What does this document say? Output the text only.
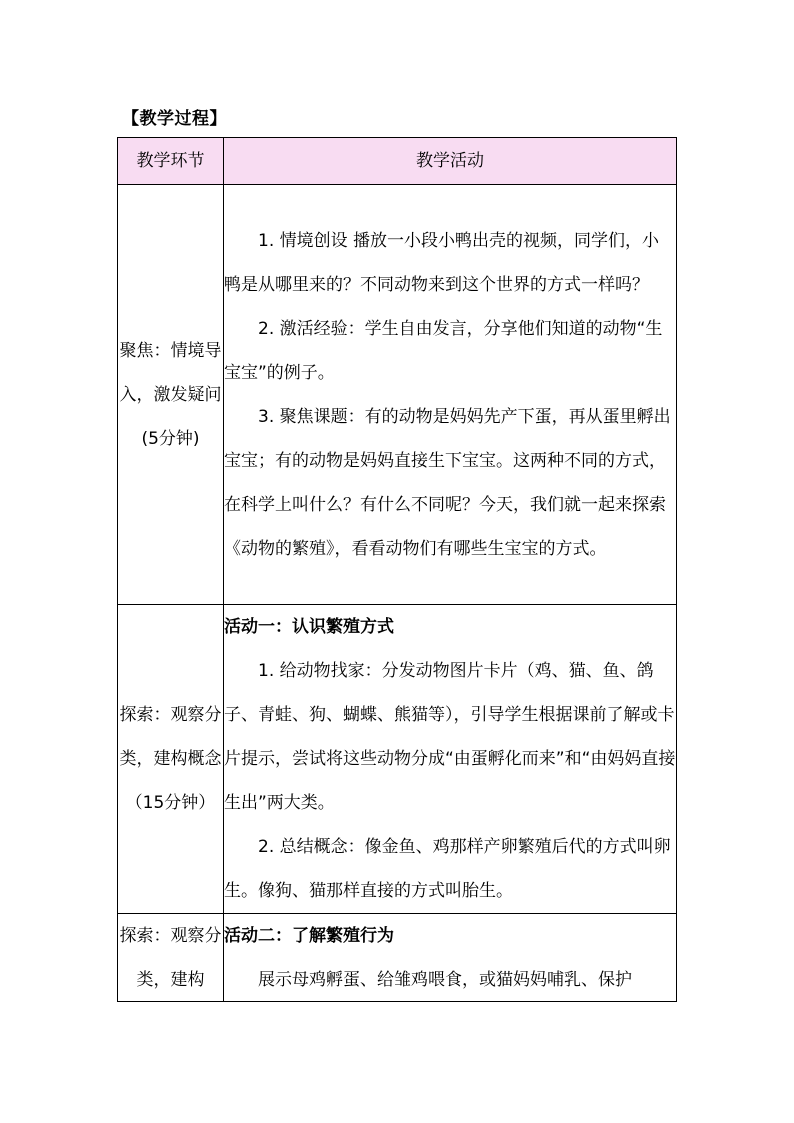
【教学过程】
教学环节	教学活动
聚焦：情境导入，激发疑问(5分钟)	1. 情境创设 播放一小段小鸭出壳的视频，同学们，小鸭是从哪里来的？不同动物来到这个世界的方式一样吗？

2. 激活经验：学生自由发言，分享他们知道的动物“生宝宝”的例子。

3. 聚焦课题：有的动物是妈妈先产下蛋，再从蛋里孵出宝宝；有的动物是妈妈直接生下宝宝。这两种不同的方式，在科学上叫什么？有什么不同呢？今天，我们就一起来探索《动物的繁殖》，看看动物们有哪些生宝宝的方式。

探索：观察分类，建构概念（15分钟）	活动一：认识繁殖方式

1. 给动物找家：分发动物图片卡片（鸡、猫、鱼、鸽子、青蛙、狗、蝴蝶、熊猫等），引导学生根据课前了解或卡片提示，尝试将这些动物分成“由蛋孵化而来”和“由妈妈直接生出”两大类。

2. 总结概念：像金鱼、鸡那样产卵繁殖后代的方式叫卵生。像狗、猫那样直接的方式叫胎生。

探索：观察分类，建构	活动二：了解繁殖行为

展示母鸡孵蛋、给雏鸡喂食，或猫妈妈哺乳、保护
